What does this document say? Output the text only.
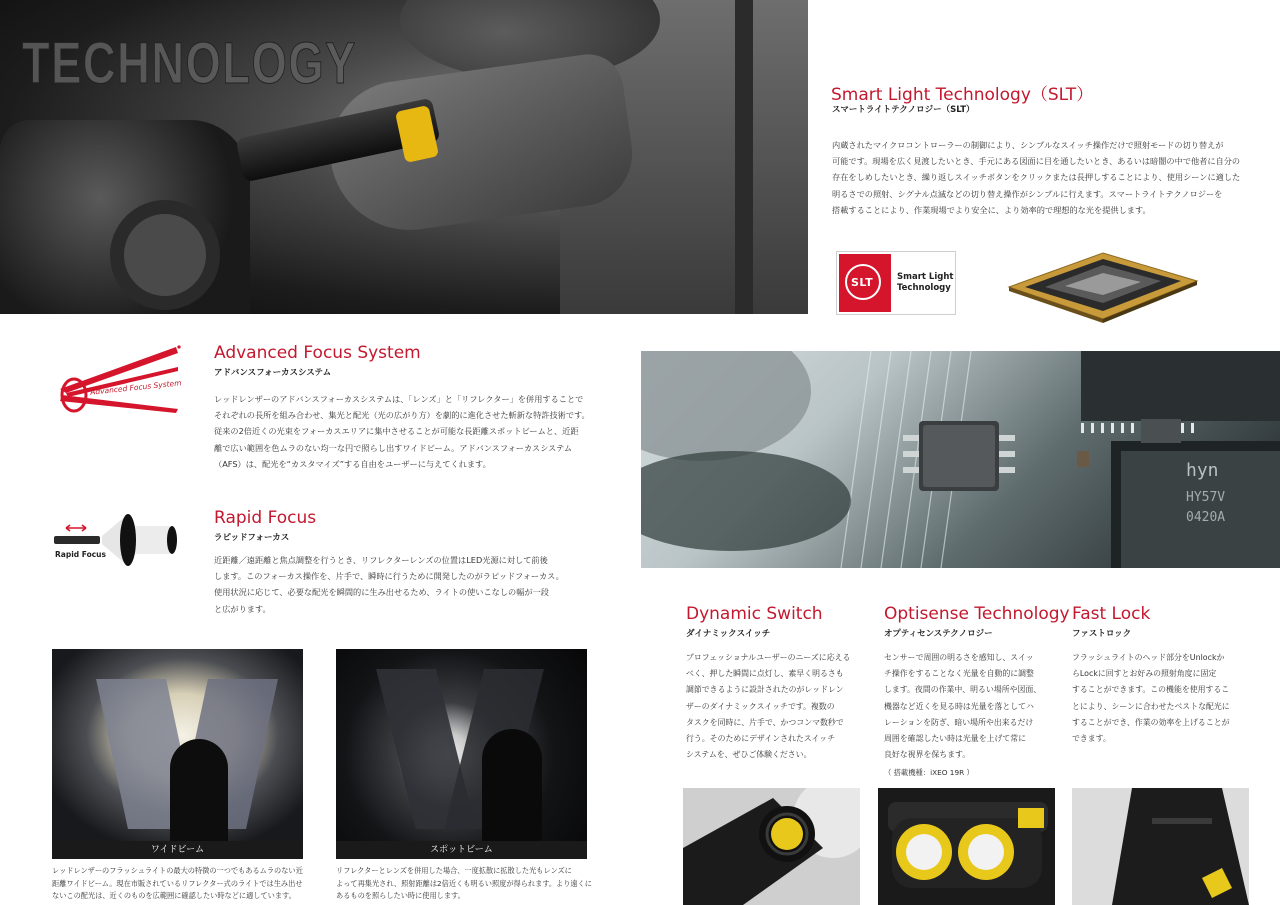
TECHNOLOGY	Smart Light Technology（SLT）
スマートライトテクノロジー（SLT）
内蔵されたマイクロコントローラーの制御により、シンプルなスイッチ操作だけで照射モードの切り替えが
可能です。現場を広く見渡したいとき、手元にある図面に目を通したいとき、あるいは暗闇の中で他者に自分の
存在をしめしたいとき、繰り返しスイッチボタンをクリックまたは長押しすることにより、使用シーンに適した
明るさでの照射、シグナル点滅などの切り替え操作がシンプルに行えます。スマートライトテクノロジーを
搭載することにより、作業現場でより安全に、より効率的で理想的な光を提供します。
SLT	Smart Light
Technology
Advanced Focus System
Advanced Focus System
アドバンスフォーカスシステム
レッドレンザーのアドバンスフォーカスシステムは、「レンズ」と「リフレクター」を併用することで
それぞれの長所を組み合わせ、集光と配光（光の広がり方）を劇的に進化させた斬新な特許技術です。
従来の2倍近くの光束をフォーカスエリアに集中させることが可能な長距離スポットビームと、近距
離で広い範囲を色ムラのない均一な円で照らし出すワイドビーム。アドバンスフォーカスシステム
（AFS）は、配光を“カスタマイズ”する自由をユーザーに与えてくれます。
Rapid Focus
Rapid Focus
ラピッドフォーカス
近距離／遠距離と焦点調整を行うとき、リフレクターレンズの位置はLED光源に対して前後
します。このフォーカス操作を、片手で、瞬時に行うために開発したのがラピッドフォーカス。
使用状況に応じて、必要な配光を瞬間的に生み出せるため、ライトの使いこなしの幅が一段
と広がります。
ワイドビーム
レッドレンザーのフラッシュライトの最大の特徴の一つでもあるムラのない近
距離ワイドビーム。現在市販されているリフレクター式のライトでは生み出せ
ないこの配光は、近くのものを広範囲に確認したい時などに適しています。
スポットビーム
リフレクターとレンズを併用した場合、一度拡散に拡散した光もレンズに
よって再集光され、照射距離は2倍近くも明るい照度が得られます。より遠くに
あるものを照らしたい時に使用します。
hyn
HY57V
0420A
Dynamic Switch
ダイナミックスイッチ
プロフェッショナルユーザーのニーズに応える
べく、押した瞬間に点灯し、素早く明るさも
調節できるように設計されたのがレッドレン
ザーのダイナミックスイッチです。複数の
タスクを同時に、片手で、かつコンマ数秒で
行う。そのためにデザインされたスイッチ
システムを、ぜひご体験ください。
Optisense Technology
オプティセンステクノロジー
センサーで周囲の明るさを感知し、スイッ
チ操作をすることなく光量を自動的に調整
します。夜間の作業中、明るい場所や図面、
機器など近くを見る時は光量を落としてハ
レーションを防ぎ、暗い場所や出来るだけ
周囲を確認したい時は光量を上げて常に
良好な視界を保ちます。
（ 搭載機種：iXEO 19R ）
Fast Lock
ファストロック
フラッシュライトのヘッド部分をUnlockか
らLockに回すとお好みの照射角度に固定
することができます。この機能を使用するこ
とにより、シーンに合わせたベストな配光に
することができ、作業の効率を上げることが
できます。
